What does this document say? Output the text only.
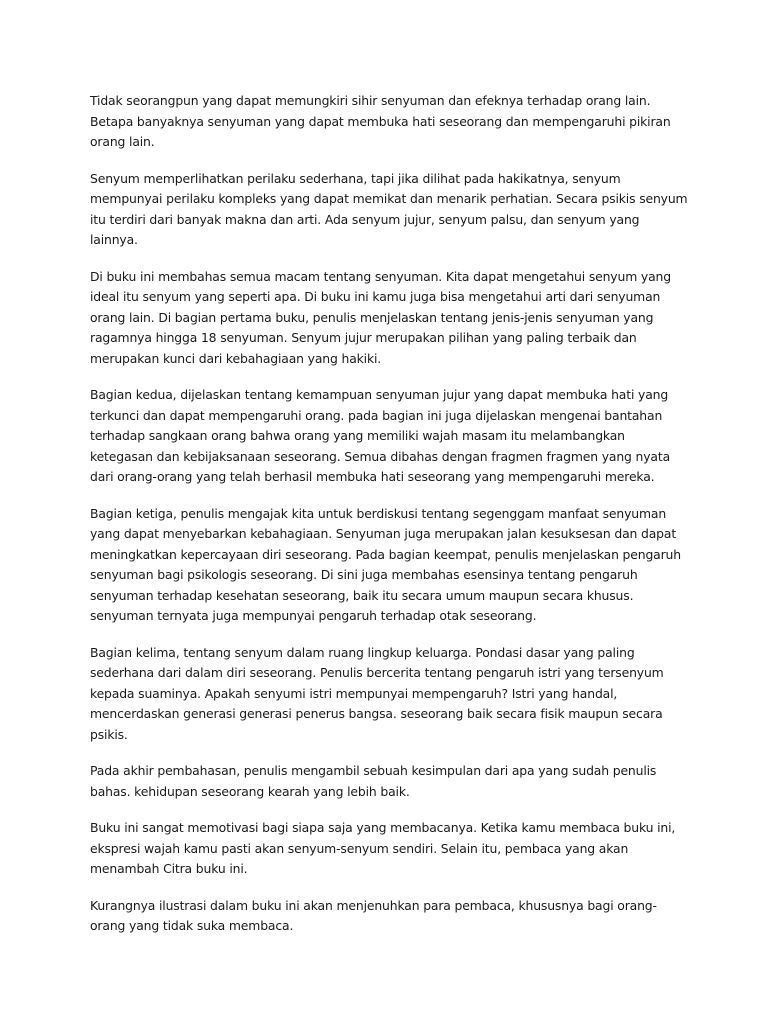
Tidak seorangpun yang dapat memungkiri sihir senyuman dan efeknya terhadap orang lain. Betapa banyaknya senyuman yang dapat membuka hati seseorang dan mempengaruhi pikiran orang lain.

Senyum memperlihatkan perilaku sederhana, tapi jika dilihat pada hakikatnya, senyum mempunyai perilaku kompleks yang dapat memikat dan menarik perhatian. Secara psikis senyum itu terdiri dari banyak makna dan arti. Ada senyum jujur, senyum palsu, dan senyum yang lainnya.

Di buku ini membahas semua macam tentang senyuman. Kita dapat mengetahui senyum yang ideal itu senyum yang seperti apa. Di buku ini kamu juga bisa mengetahui arti dari senyuman orang lain. Di bagian pertama buku, penulis menjelaskan tentang jenis-jenis senyuman yang ragamnya hingga 18 senyuman. Senyum jujur merupakan pilihan yang paling terbaik dan merupakan kunci dari kebahagiaan yang hakiki.

Bagian kedua, dijelaskan tentang kemampuan senyuman jujur yang dapat membuka hati yang terkunci dan dapat mempengaruhi orang. pada bagian ini juga dijelaskan mengenai bantahan terhadap sangkaan orang bahwa orang yang memiliki wajah masam itu melambangkan ketegasan dan kebijaksanaan seseorang. Semua dibahas dengan fragmen fragmen yang nyata dari orang-orang yang telah berhasil membuka hati seseorang yang mempengaruhi mereka.

Bagian ketiga, penulis mengajak kita untuk berdiskusi tentang segenggam manfaat senyuman yang dapat menyebarkan kebahagiaan. Senyuman juga merupakan jalan kesuksesan dan dapat meningkatkan kepercayaan diri seseorang. Pada bagian keempat, penulis menjelaskan pengaruh senyuman bagi psikologis seseorang. Di sini juga membahas esensinya tentang pengaruh senyuman terhadap kesehatan seseorang, baik itu secara umum maupun secara khusus. senyuman ternyata juga mempunyai pengaruh terhadap otak seseorang.

Bagian kelima, tentang senyum dalam ruang lingkup keluarga. Pondasi dasar yang paling sederhana dari dalam diri seseorang. Penulis bercerita tentang pengaruh istri yang tersenyum kepada suaminya. Apakah senyumi istri mempunyai mempengaruh? Istri yang handal, mencerdaskan generasi generasi penerus bangsa. seseorang baik secara fisik maupun secara psikis.

Pada akhir pembahasan, penulis mengambil sebuah kesimpulan dari apa yang sudah penulis bahas. kehidupan seseorang kearah yang lebih baik.

Buku ini sangat memotivasi bagi siapa saja yang membacanya. Ketika kamu membaca buku ini, ekspresi wajah kamu pasti akan senyum-senyum sendiri. Selain itu, pembaca yang akan menambah Citra buku ini.

Kurangnya ilustrasi dalam buku ini akan menjenuhkan para pembaca, khususnya bagi orang-orang yang tidak suka membaca.
